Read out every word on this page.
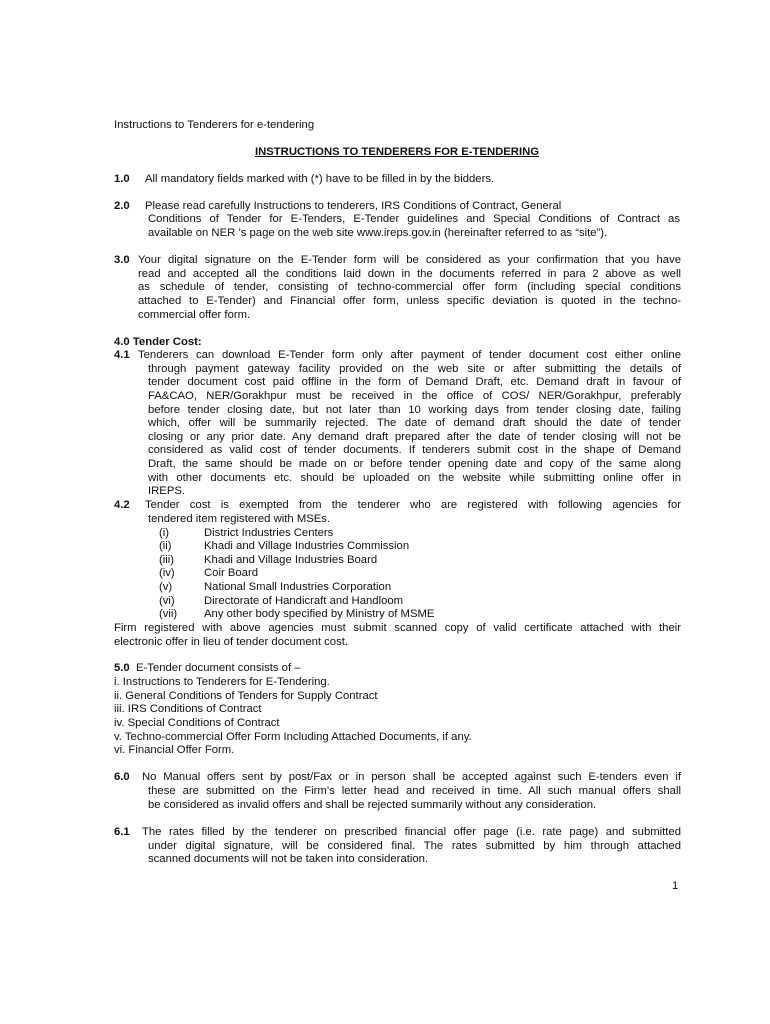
Instructions to Tenderers for e-tendering
INSTRUCTIONS TO TENDERERS FOR E-TENDERING
1.0 All mandatory fields marked with (*) have to be filled in by the bidders.
2.0 Please read carefully Instructions to tenderers, IRS Conditions of Contract, General
Conditions of Tender for E-Tenders, E-Tender guidelines and Special Conditions of Contract as
available on NER ’s page on the web site www.ireps.gov.in (hereinafter referred to as “site”).
3.0 Your digital signature on the E-Tender form will be considered as your confirmation that you have
read and accepted all the conditions laid down in the documents referred in para 2 above as well
as schedule of tender, consisting of techno-commercial offer form (including special conditions
attached to E-Tender) and Financial offer form, unless specific deviation is quoted in the techno-
commercial offer form.
4.0 Tender Cost:
4.1 Tenderers can download E-Tender form only after payment of tender document cost either online
through payment gateway facility provided on the web site or after submitting the details of
tender document cost paid offline in the form of Demand Draft, etc. Demand draft in favour of
FA&CAO, NER/Gorakhpur must be received in the office of COS/ NER/Gorakhpur, preferably
before tender closing date, but not later than 10 working days from tender closing date, failing
which, offer will be summarily rejected. The date of demand draft should the date of tender
closing or any prior date. Any demand draft prepared after the date of tender closing will not be
considered as valid cost of tender documents. If tenderers submit cost in the shape of Demand
Draft, the same should be made on or before tender opening date and copy of the same along
with other documents etc. should be uploaded on the website while submitting online offer in
IREPS.
4.2 Tender cost is exempted from the tenderer who are registered with following agencies for
tendered item registered with MSEs.
(i)	District Industries Centers
(ii)	Khadi and Village Industries Commission
(iii)	Khadi and Village Industries Board
(iv)	Coir Board
(v)	National Small Industries Corporation
(vi)	Directorate of Handicraft and Handloom
(vii) Any other body specified by Ministry of MSME
Firm registered with above agencies must submit scanned copy of valid certificate attached with their
electronic offer in lieu of tender document cost.
5.0 E-Tender document consists of –
i. Instructions to Tenderers for E-Tendering.
ii. General Conditions of Tenders for Supply Contract
iii. IRS Conditions of Contract
iv. Special Conditions of Contract
v. Techno-commercial Offer Form Including Attached Documents, if any.
vi. Financial Offer Form.
6.0 No Manual offers sent by post/Fax or in person shall be accepted against such E-tenders even if
these are submitted on the Firm’s letter head and received in time. All such manual offers shall
be considered as invalid offers and shall be rejected summarily without any consideration.
6.1 The rates filled by the tenderer on prescribed financial offer page (i.e. rate page) and submitted
under digital signature, will be considered final. The rates submitted by him through attached
scanned documents will not be taken into consideration.
1
